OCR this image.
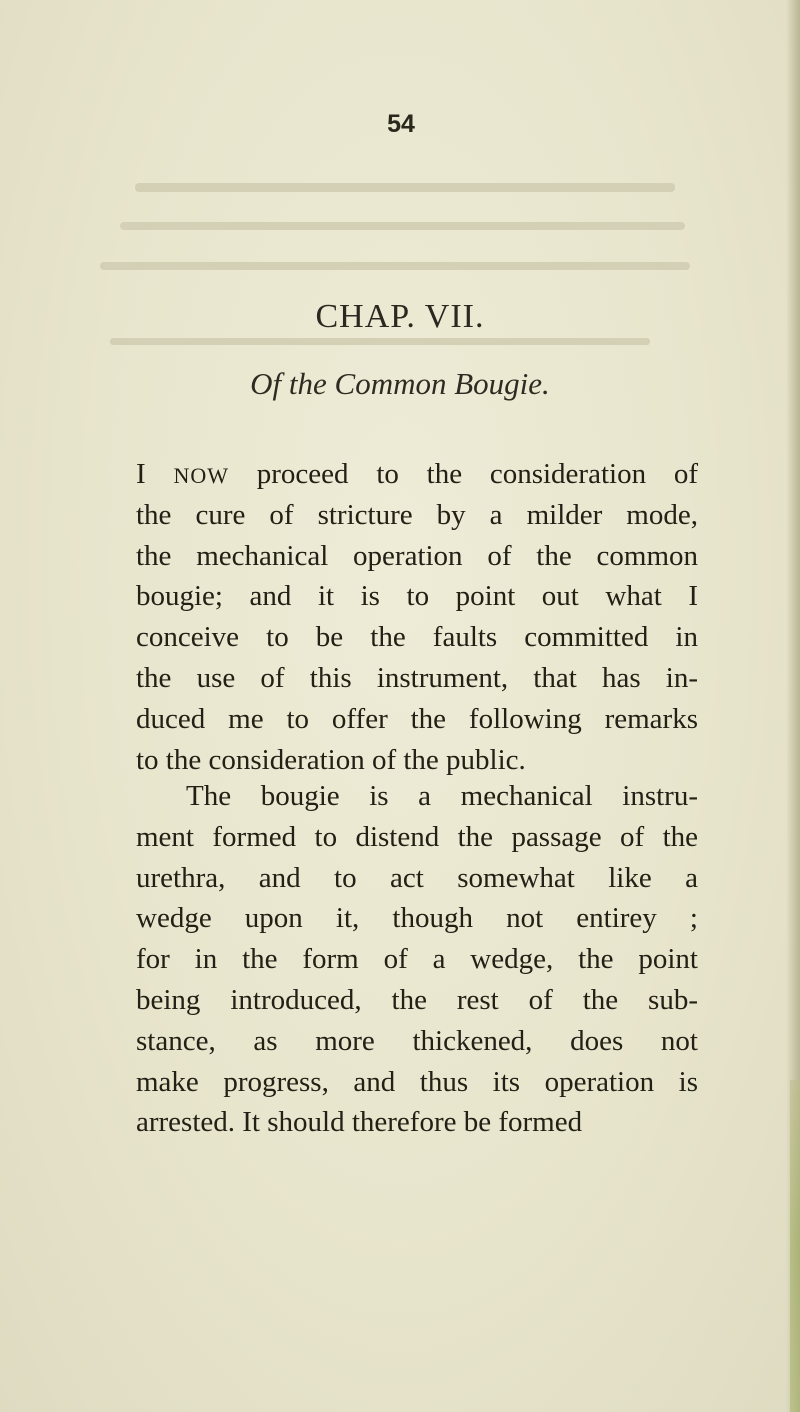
54
CHAP. VII.
Of the Common Bougie.
I NOW proceed to the consideration of
the cure of stricture by a milder mode,
the mechanical operation of the common
bougie; and it is to point out what I
conceive to be the faults committed in
the use of this instrument, that has in-
duced me to offer the following remarks
to the consideration of the public.
The bougie is a mechanical instru-
ment formed to distend the passage of the
urethra, and to act somewhat like a
wedge upon it, though not entirey ;
for in the form of a wedge, the point
being introduced, the rest of the sub-
stance, as more thickened, does not
make progress, and thus its operation is
arrested. It should therefore be formed
